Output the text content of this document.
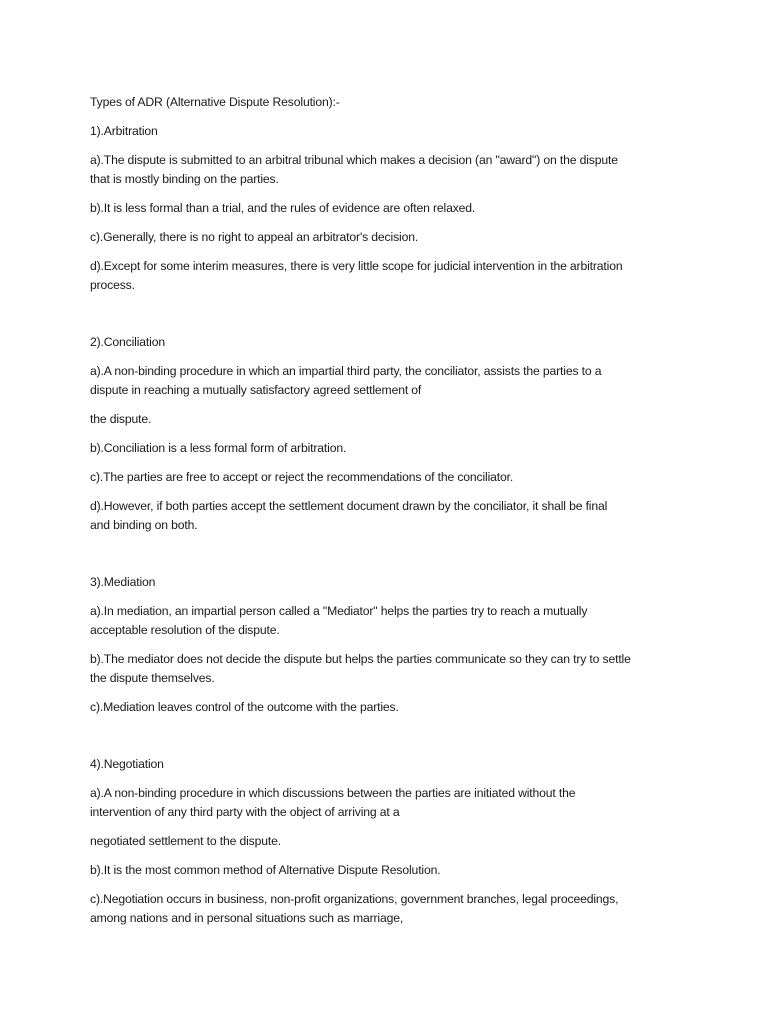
Types of ADR (Alternative Dispute Resolution):-

1).Arbitration

a).The dispute is submitted to an arbitral tribunal which makes a decision (an "award") on the dispute
that is mostly binding on the parties.

b).It is less formal than a trial, and the rules of evidence are often relaxed.

c).Generally, there is no right to appeal an arbitrator's decision.

d).Except for some interim measures, there is very little scope for judicial intervention in the arbitration
process.

2).Conciliation

a).A non-binding procedure in which an impartial third party, the conciliator, assists the parties to a
dispute in reaching a mutually satisfactory agreed settlement of

the dispute.

b).Conciliation is a less formal form of arbitration.

c).The parties are free to accept or reject the recommendations of the conciliator.

d).However, if both parties accept the settlement document drawn by the conciliator, it shall be final
and binding on both.

3).Mediation

a).In mediation, an impartial person called a "Mediator" helps the parties try to reach a mutually
acceptable resolution of the dispute.

b).The mediator does not decide the dispute but helps the parties communicate so they can try to settle
the dispute themselves.

c).Mediation leaves control of the outcome with the parties.

4).Negotiation

a).A non-binding procedure in which discussions between the parties are initiated without the
intervention of any third party with the object of arriving at a

negotiated settlement to the dispute.

b).It is the most common method of Alternative Dispute Resolution.

c).Negotiation occurs in business, non-profit organizations, government branches, legal proceedings,
among nations and in personal situations such as marriage,
